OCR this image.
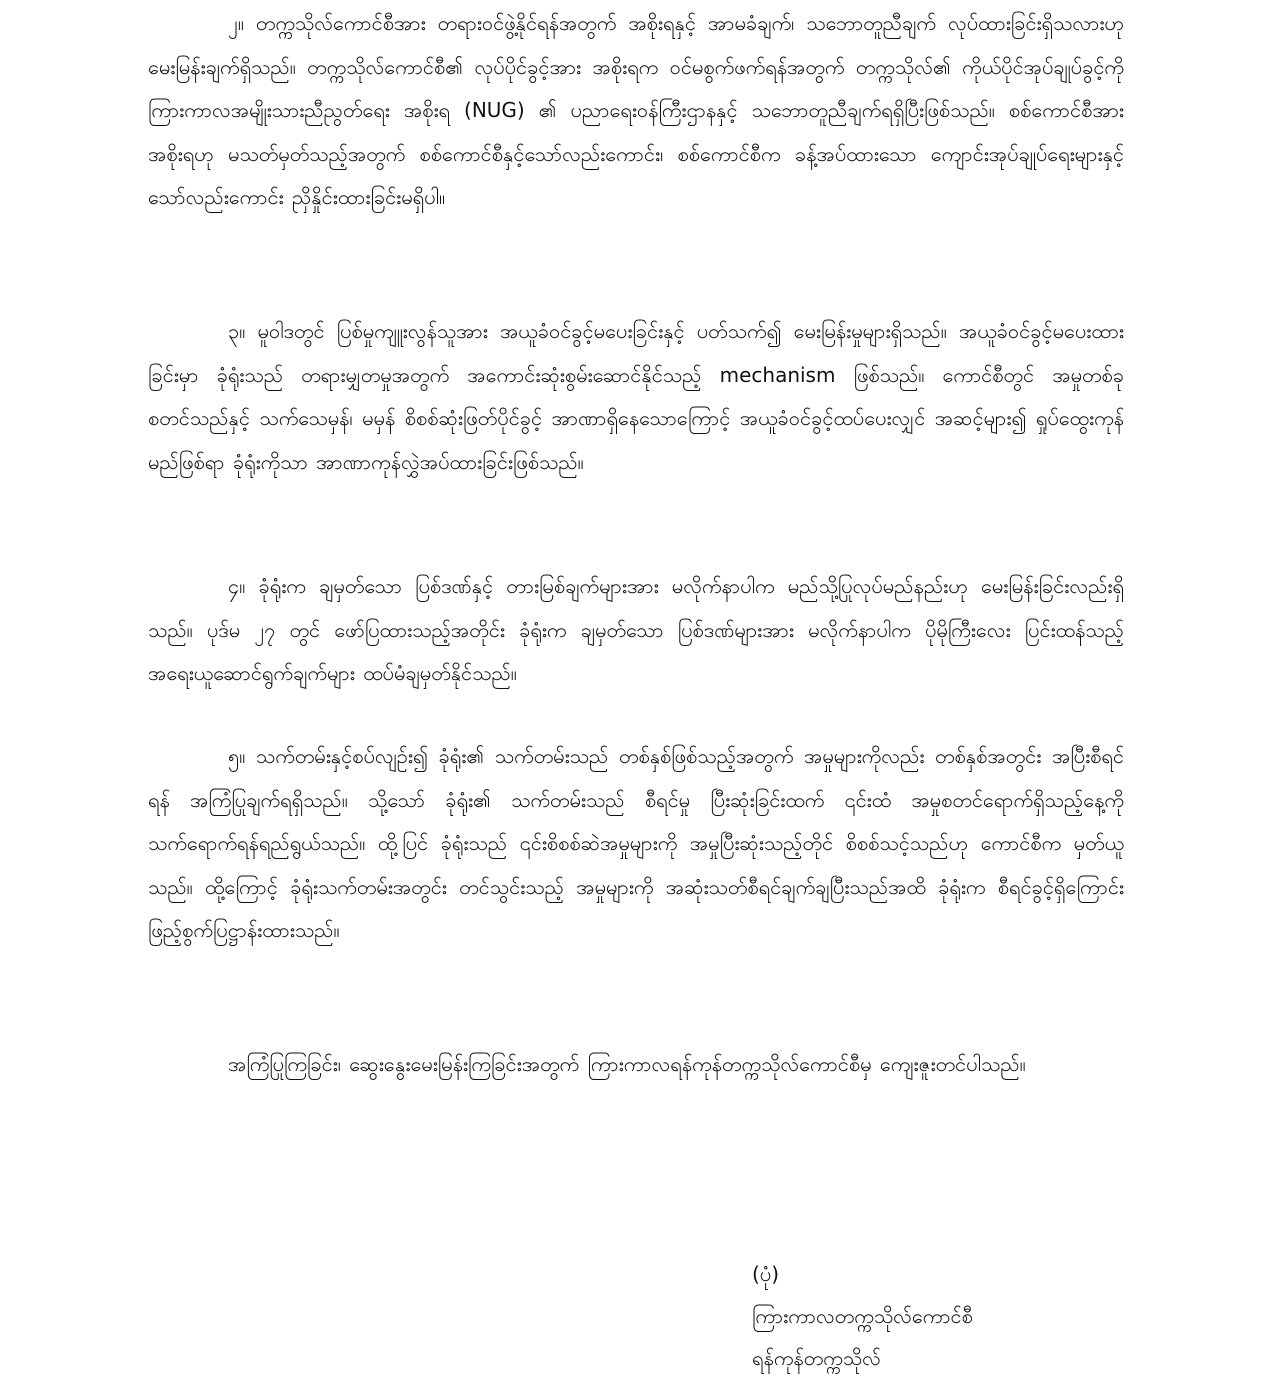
၂။ တက္ကသိုလ်ကောင်စီအား တရားဝင်ဖွဲ့နိုင်ရန်အတွက် အစိုးရနှင့် အာမခံချက်၊ သဘောတူညီချက် လုပ်ထားခြင်းရှိသလားဟု မေးမြန်းချက်ရှိသည်။ တက္ကသိုလ်ကောင်စီ၏ လုပ်ပိုင်ခွင့်အား အစိုးရက ဝင်မစွက်ဖက်ရန်အတွက် တက္ကသိုလ်၏ ကိုယ်ပိုင်အုပ်ချုပ်ခွင့်ကို ကြားကာလအမျိုးသားညီညွတ်ရေး အစိုးရ (NUG) ၏ ပညာရေးဝန်ကြီးဌာနနှင့် သဘောတူညီချက်ရရှိပြီးဖြစ်သည်။ စစ်ကောင်စီအား အစိုးရဟု မသတ်မှတ်သည့်အတွက် စစ်ကောင်စီနှင့်သော်လည်းကောင်း၊ စစ်ကောင်စီက ခန့်အပ်ထားသော ကျောင်းအုပ်ချုပ်ရေးများနှင့်သော်လည်းကောင်း ညှိနှိုင်းထားခြင်းမရှိပါ။

၃။ မူဝါဒတွင် ပြစ်မှုကျူးလွန်သူအား အယူခံဝင်ခွင့်မပေးခြင်းနှင့် ပတ်သက်၍ မေးမြန်းမှုများရှိသည်။ အယူခံဝင်ခွင့်မပေးထားခြင်းမှာ ခုံရုံးသည် တရားမျှတမှုအတွက် အကောင်းဆုံးစွမ်းဆောင်နိုင်သည့် mechanism ဖြစ်သည်။ ကောင်စီတွင် အမှုတစ်ခုစတင်သည်နှင့် သက်သေမှန်၊ မမှန် စိစစ်ဆုံးဖြတ်ပိုင်ခွင့် အာဏာရှိနေသောကြောင့် အယူခံဝင်ခွင့်ထပ်ပေးလျှင် အဆင့်များ၍ ရှုပ်ထွေးကုန်မည်ဖြစ်ရာ ခုံရုံးကိုသာ အာဏာကုန်လွှဲအပ်ထားခြင်းဖြစ်သည်။

၄။ ခုံရုံးက ချမှတ်သော ပြစ်ဒဏ်နှင့် တားမြစ်ချက်များအား မလိုက်နာပါက မည်သို့ပြုလုပ်မည်နည်းဟု မေးမြန်းခြင်းလည်းရှိသည်။ ပုဒ်မ ၂၇ တွင် ဖော်ပြထားသည့်အတိုင်း ခုံရုံးက ချမှတ်သော ပြစ်ဒဏ်များအား မလိုက်နာပါက ပိုမိုကြီးလေး ပြင်းထန်သည့် အရေးယူဆောင်ရွက်ချက်များ ထပ်မံချမှတ်နိုင်သည်။

၅။ သက်တမ်းနှင့်စပ်လျဉ်း၍ ခုံရုံး၏ သက်တမ်းသည် တစ်နှစ်ဖြစ်သည့်အတွက် အမှုများကိုလည်း တစ်နှစ်အတွင်း အပြီးစီရင်ရန် အကြံပြုချက်ရရှိသည်။ သို့သော် ခုံရုံး၏ သက်တမ်းသည် စီရင်မှု ပြီးဆုံးခြင်းထက် ၎င်းထံ အမှုစတင်ရောက်ရှိသည့်နေ့ကို သက်ရောက်ရန်ရည်ရွယ်သည်။ ထို့ပြင် ခုံရုံးသည် ၎င်းစိစစ်ဆဲအမှုများကို အမှုပြီးဆုံးသည့်တိုင် စိစစ်သင့်သည်ဟု ကောင်စီက မှတ်ယူသည်။ ထို့ကြောင့် ခုံရုံးသက်တမ်းအတွင်း တင်သွင်းသည့် အမှုများကို အဆုံးသတ်စီရင်ချက်ချပြီးသည်အထိ ခုံရုံးက စီရင်ခွင့်ရှိကြောင်း ဖြည့်စွက်ပြဋ္ဌာန်းထားသည်။

အကြံပြုကြခြင်း၊ ဆွေးနွေးမေးမြန်းကြခြင်းအတွက် ကြားကာလရန်ကုန်တက္ကသိုလ်ကောင်စီမှ ကျေးဇူးတင်ပါသည်။

(ပုံ)
ကြားကာလတက္ကသိုလ်ကောင်စီ
ရန်ကုန်တက္ကသိုလ်
